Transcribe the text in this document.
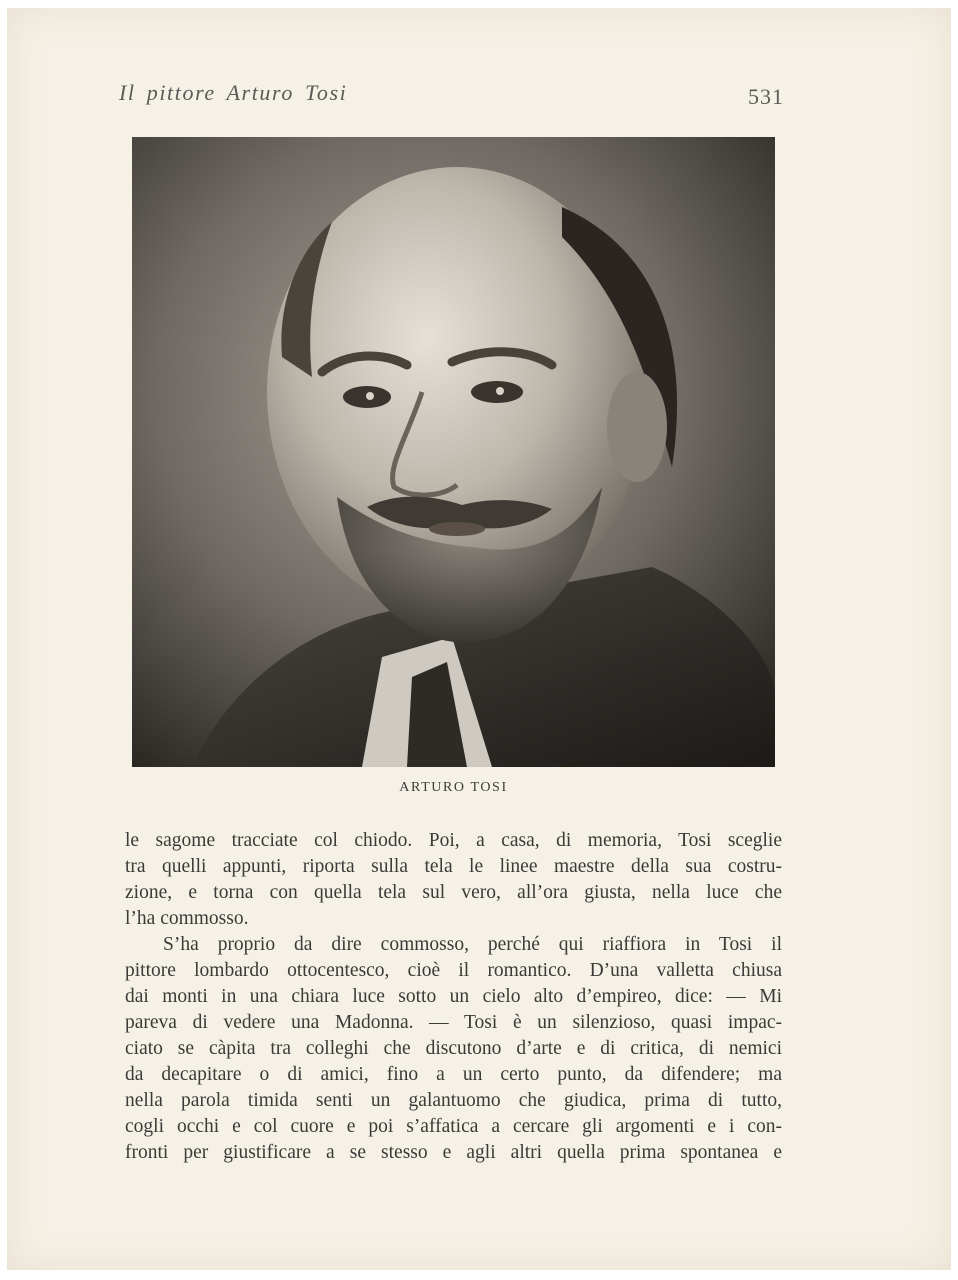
Il pittore Arturo Tosi	531
ARTURO TOSI
le sagome tracciate col chiodo. Poi, a casa, di memoria, Tosi sceglie
tra quelli appunti, riporta sulla tela le linee maestre della sua costru-
zione, e torna con quella tela sul vero, all’ora giusta, nella luce che
l’ha commosso.
S’ha proprio da dire commosso, perché qui riaffiora in Tosi il
pittore lombardo ottocentesco, cioè il romantico. D’una valletta chiusa
dai monti in una chiara luce sotto un cielo alto d’empireo, dice: — Mi
pareva di vedere una Madonna. — Tosi è un silenzioso, quasi impac-
ciato se càpita tra colleghi che discutono d’arte e di critica, di nemici
da decapitare o di amici, fino a un certo punto, da difendere; ma
nella parola timida senti un galantuomo che giudica, prima di tutto,
cogli occhi e col cuore e poi s’affatica a cercare gli argomenti e i con-
fronti per giustificare a se stesso e agli altri quella prima spontanea e
